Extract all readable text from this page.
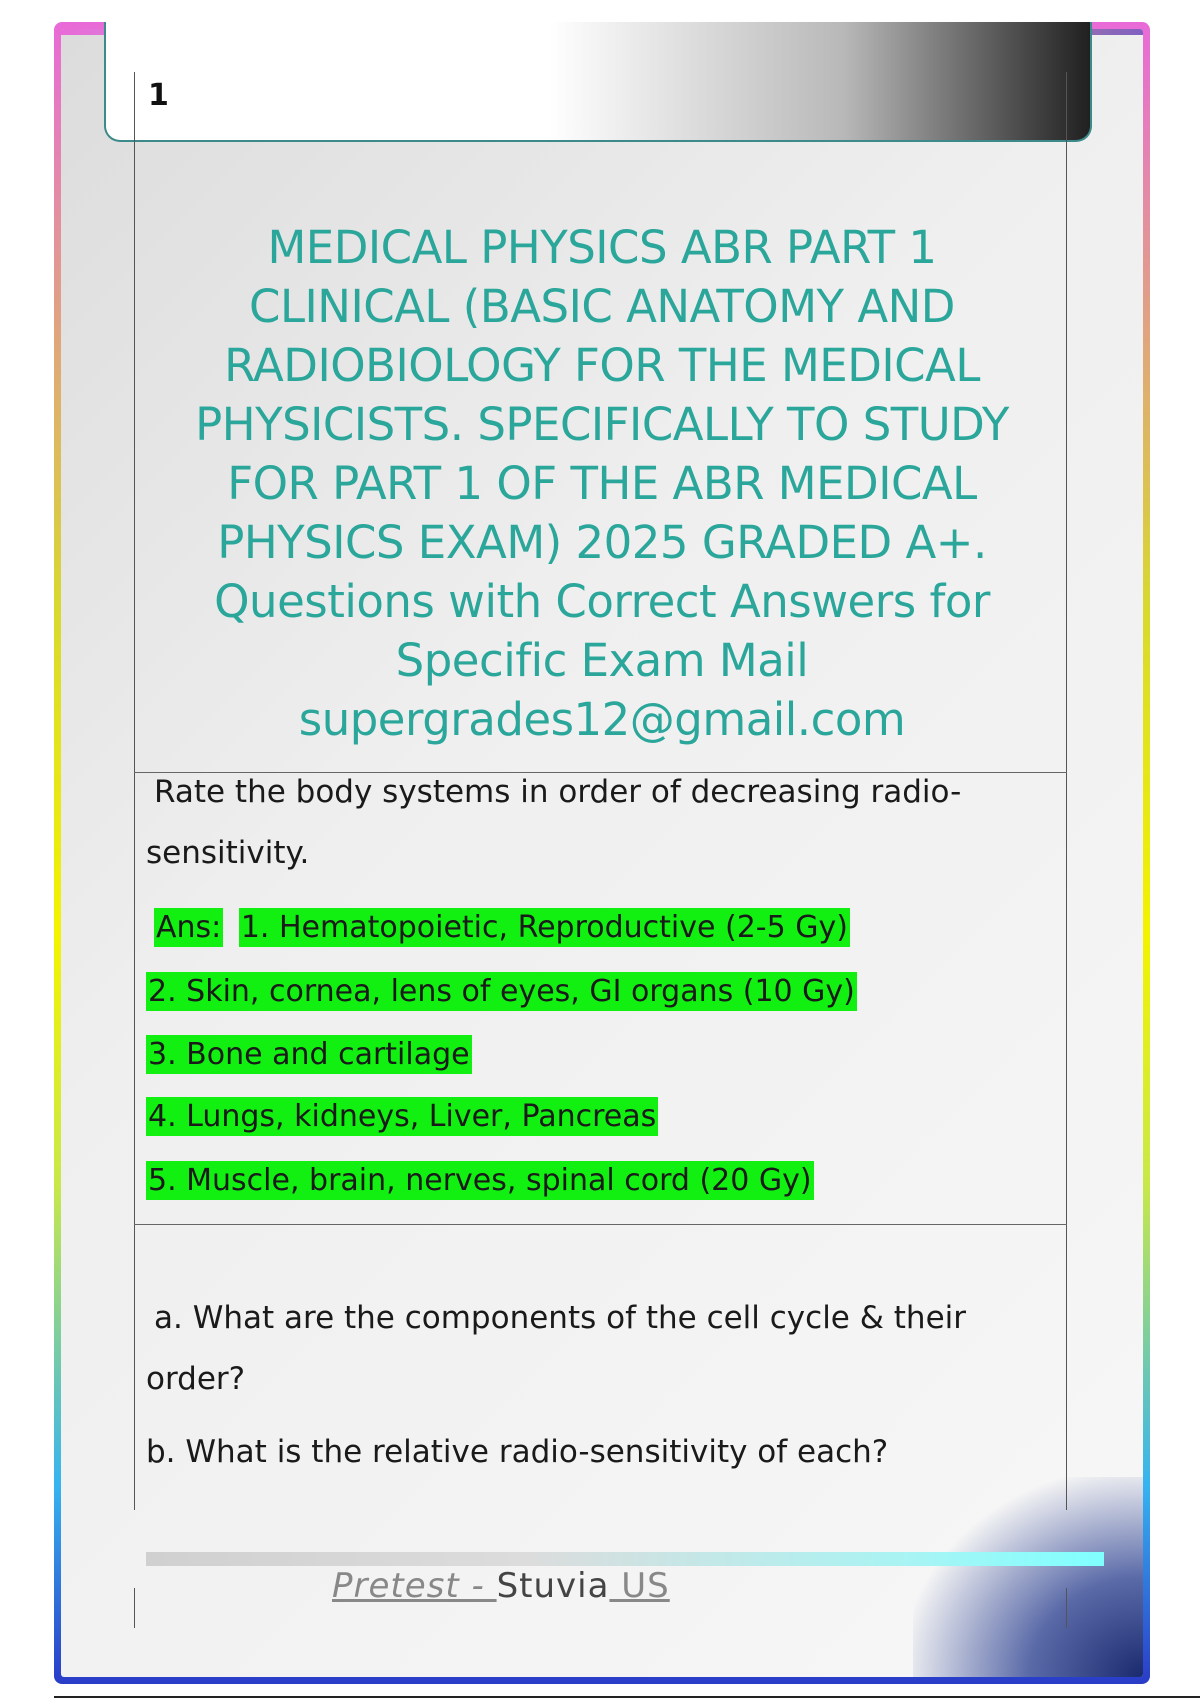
1

MEDICAL PHYSICS ABR PART 1

CLINICAL (BASIC ANATOMY AND

RADIOBIOLOGY FOR THE MEDICAL

PHYSICISTS. SPECIFICALLY TO STUDY

FOR PART 1 OF THE ABR MEDICAL

PHYSICS EXAM) 2025 GRADED A+.

Questions with Correct Answers for

Specific Exam Mail

supergrades12@gmail.com

Rate the body systems in order of decreasing radio-

sensitivity.

Ans: 1. Hematopoietic, Reproductive (2-5 Gy)
2. Skin, cornea, lens of eyes, GI organs (10 Gy)
3. Bone and cartilage
4. Lungs, kidneys, Liver, Pancreas
5. Muscle, brain, nerves, spinal cord (20 Gy)

a. What are the components of the cell cycle & their

order?

b. What is the relative radio-sensitivity of each?

Pretest - Stuvia US
